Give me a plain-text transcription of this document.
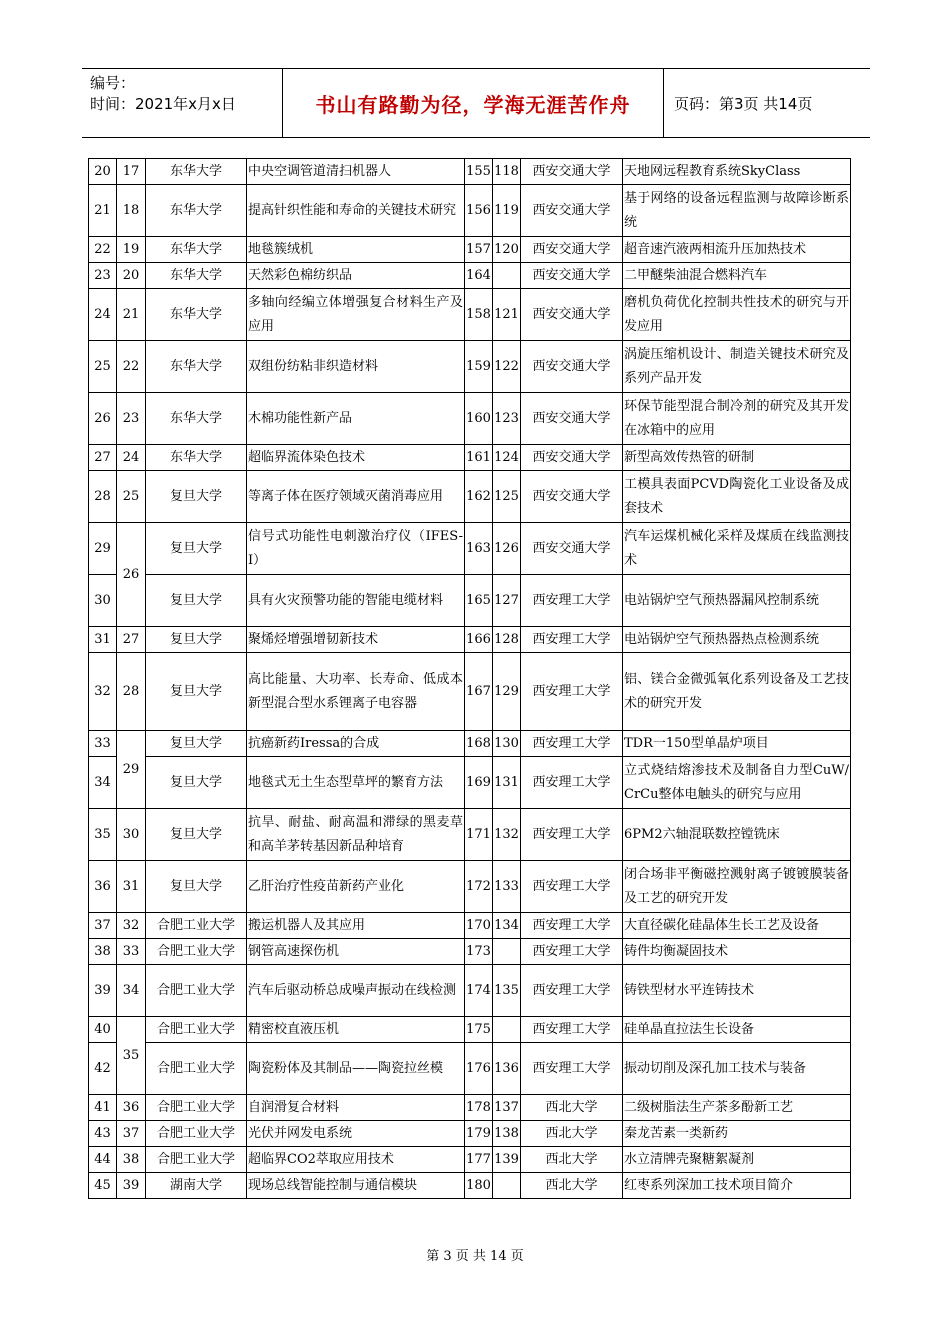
编号：
时间：2021年x月x日	书山有路勤为径，学海无涯苦作舟	页码：第3页 共14页
20	17	东华大学	中央空调管道清扫机器人	155	118	西安交通大学	天地网远程教育系统SkyClass
21	18	东华大学	提高针织性能和寿命的关键技术研究	156	119	西安交通大学	基于网络的设备远程监测与故障诊断系统
22	19	东华大学	地毯簇绒机	157	120	西安交通大学	超音速汽液两相流升压加热技术
23	20	东华大学	天然彩色棉纺织品	164		西安交通大学	二甲醚柴油混合燃料汽车
24	21	东华大学	多轴向经编立体增强复合材料生产及应用	158	121	西安交通大学	磨机负荷优化控制共性技术的研究与开发应用
25	22	东华大学	双组份纺粘非织造材料	159	122	西安交通大学	涡旋压缩机设计、制造关键技术研究及系列产品开发
26	23	东华大学	木棉功能性新产品	160	123	西安交通大学	环保节能型混合制冷剂的研究及其开发在冰箱中的应用
27	24	东华大学	超临界流体染色技术	161	124	西安交通大学	新型高效传热管的研制
28	25	复旦大学	等离子体在医疗领域灭菌消毒应用	162	125	西安交通大学	工模具表面PCVD陶瓷化工业设备及成套技术
29	26	复旦大学	信号式功能性电刺激治疗仪（IFES-I）	163	126	西安交通大学	汽车运煤机械化采样及煤质在线监测技术
30		复旦大学	具有火灾预警功能的智能电缆材料	165	127	西安理工大学	电站锅炉空气预热器漏风控制系统
31	27	复旦大学	聚烯烃增强增韧新技术	166	128	西安理工大学	电站锅炉空气预热器热点检测系统
32	28	复旦大学	高比能量、大功率、长寿命、低成本新型混合型水系锂离子电容器	167	129	西安理工大学	铝、镁合金微弧氧化系列设备及工艺技术的研究开发
33	29	复旦大学	抗癌新药Iressa的合成	168	130	西安理工大学	TDR一150型单晶炉项目
34		复旦大学	地毯式无土生态型草坪的繁育方法	169	131	西安理工大学	立式烧结熔渗技术及制备自力型CuW/CrCu整体电触头的研究与应用
35	30	复旦大学	抗旱、耐盐、耐高温和滞绿的黑麦草和高羊茅转基因新品种培育	171	132	西安理工大学	6PM2六轴混联数控镗铣床
36	31	复旦大学	乙肝治疗性疫苗新药产业化	172	133	西安理工大学	闭合场非平衡磁控溅射离子镀镀膜装备及工艺的研究开发
37	32	合肥工业大学	搬运机器人及其应用	170	134	西安理工大学	大直径碳化硅晶体生长工艺及设备
38	33	合肥工业大学	钢管高速探伤机	173		西安理工大学	铸件均衡凝固技术
39	34	合肥工业大学	汽车后驱动桥总成噪声振动在线检测	174	135	西安理工大学	铸铁型材水平连铸技术
40	35	合肥工业大学	精密校直液压机	175		西安理工大学	硅单晶直拉法生长设备
42		合肥工业大学	陶瓷粉体及其制品——陶瓷拉丝模	176	136	西安理工大学	振动切削及深孔加工技术与装备
41	36	合肥工业大学	自润滑复合材料	178	137	西北大学	二级树脂法生产茶多酚新工艺
43	37	合肥工业大学	光伏并网发电系统	179	138	西北大学	秦龙苦素一类新药
44	38	合肥工业大学	超临界CO2萃取应用技术	177	139	西北大学	水立清牌壳聚糖絮凝剂
45	39	湖南大学	现场总线智能控制与通信模块	180		西北大学	红枣系列深加工技术项目简介
第 3 页 共 14 页
